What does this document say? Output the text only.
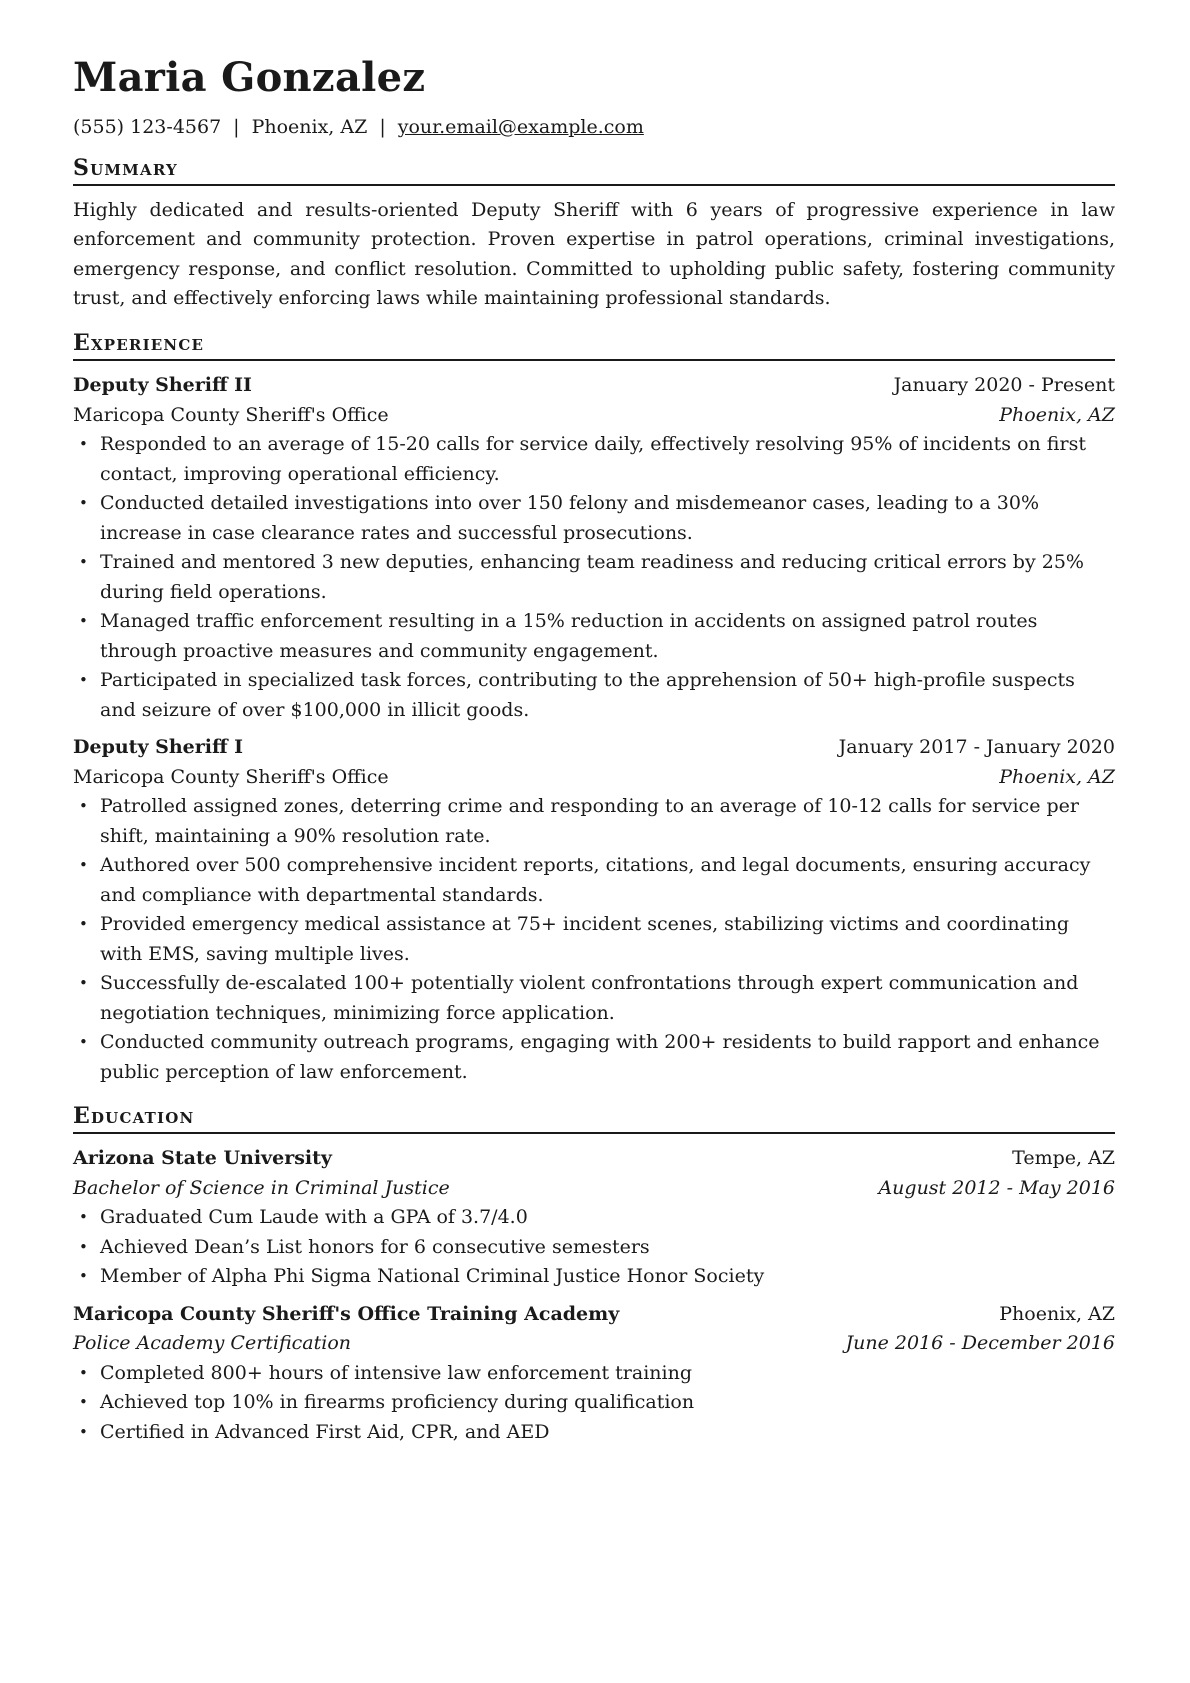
Maria Gonzalez
(555) 123-4567 | Phoenix, AZ | your.email@example.com
Summary

Highly dedicated and results-oriented Deputy Sheriff with 6 years of progressive experience in law enforcement and community protection. Proven expertise in patrol operations, criminal investigations, emergency response, and conflict resolution. Committed to upholding public safety, fostering community trust, and effectively enforcing laws while maintaining professional standards.

Experience
Deputy Sheriff II	January 2020 - Present
Maricopa County Sheriff's Office	Phoenix, AZ
• Responded to an average of 15-20 calls for service daily, effectively resolving 95% of incidents on first contact, improving operational efficiency.
• Conducted detailed investigations into over 150 felony and misdemeanor cases, leading to a 30% increase in case clearance rates and successful prosecutions.
• Trained and mentored 3 new deputies, enhancing team readiness and reducing critical errors by 25% during field operations.
• Managed traffic enforcement resulting in a 15% reduction in accidents on assigned patrol routes through proactive measures and community engagement.
• Participated in specialized task forces, contributing to the apprehension of 50+ high-profile suspects and seizure of over $100,000 in illicit goods.
Deputy Sheriff I	January 2017 - January 2020
Maricopa County Sheriff's Office	Phoenix, AZ
• Patrolled assigned zones, deterring crime and responding to an average of 10-12 calls for service per shift, maintaining a 90% resolution rate.
• Authored over 500 comprehensive incident reports, citations, and legal documents, ensuring accuracy and compliance with departmental standards.
• Provided emergency medical assistance at 75+ incident scenes, stabilizing victims and coordinating with EMS, saving multiple lives.
• Successfully de-escalated 100+ potentially violent confrontations through expert communication and negotiation techniques, minimizing force application.
• Conducted community outreach programs, engaging with 200+ residents to build rapport and enhance public perception of law enforcement.
Education
Arizona State University	Tempe, AZ
Bachelor of Science in Criminal Justice	August 2012 - May 2016
• Graduated Cum Laude with a GPA of 3.7/4.0
• Achieved Dean’s List honors for 6 consecutive semesters
• Member of Alpha Phi Sigma National Criminal Justice Honor Society
Maricopa County Sheriff's Office Training Academy	Phoenix, AZ
Police Academy Certification	June 2016 - December 2016
• Completed 800+ hours of intensive law enforcement training
• Achieved top 10% in firearms proficiency during qualification
• Certified in Advanced First Aid, CPR, and AED
